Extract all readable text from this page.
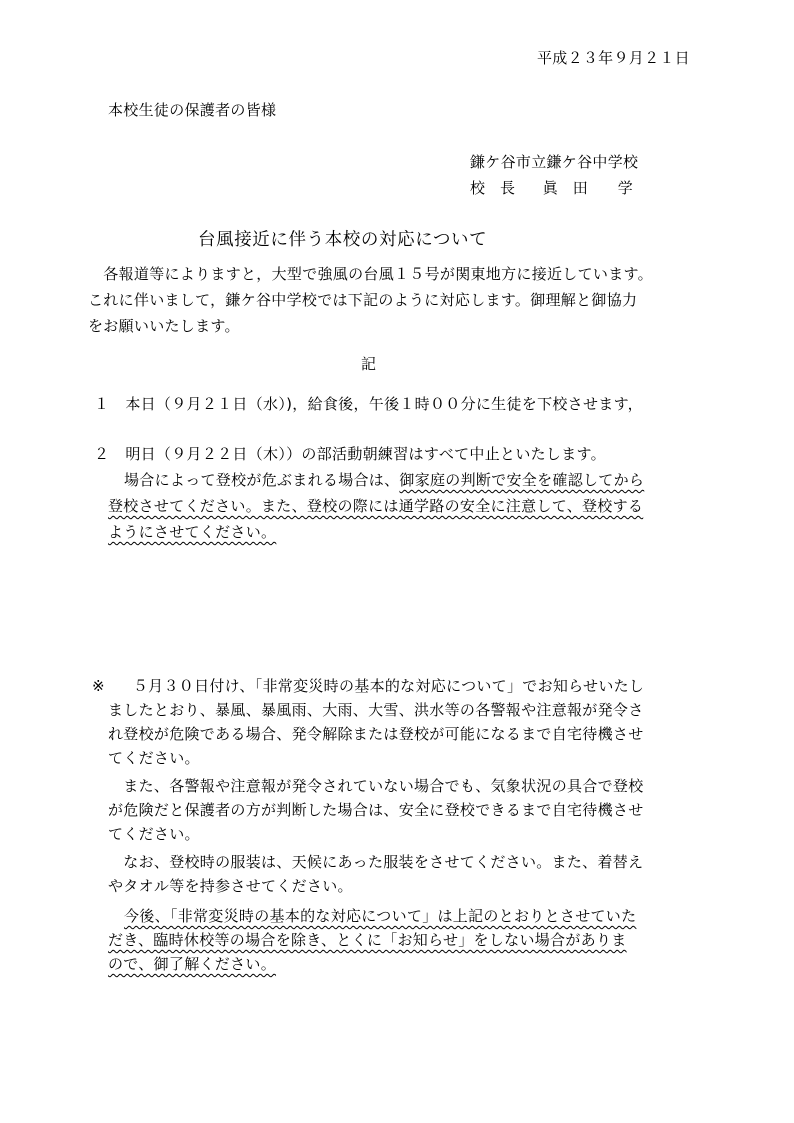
平成２３年９月２１日
本校生徒の保護者の皆様
鎌ケ谷市立鎌ケ谷中学校
校　長 眞　田　　学
台風接近に伴う本校の対応について
　各報道等によりますと，大型で強風の台風１５号が関東地方に接近しています。
これに伴いまして，鎌ケ谷中学校では下記のように対応します。御理解と御協力
をお願いいたします。
記
１ 本日（９月２１日（水）)，給食後，午後１時００分に生徒を下校させます，
２ 明日（９月２２日（木））の部活動朝練習はすべて中止といたします。
場合によって登校が危ぶまれる場合は、御家庭の判断で安全を確認してから
登校させてください。また、登校の際には通学路の安全に注意して、登校する
ようにさせてください。
※ ５月３０日付け、「非常変災時の基本的な対応について」でお知らせいたし
ましたとおり、暴風、暴風雨、大雨、大雪、洪水等の各警報や注意報が発令さ
れ登校が危険である場合、発令解除または登校が可能になるまで自宅待機させ
てください。
　また、各警報や注意報が発令されていない場合でも、気象状況の具合で登校
が危険だと保護者の方が判断した場合は、安全に登校できるまで自宅待機させ
てください。
　なお、登校時の服装は、天候にあった服装をさせてください。また、着替え
やタオル等を持参させてください。
今後、「非常変災時の基本的な対応について」は上記のとおりとさせていた
だき、臨時休校等の場合を除き、とくに「お知らせ」をしない場合がありま
ので、御了解ください。
